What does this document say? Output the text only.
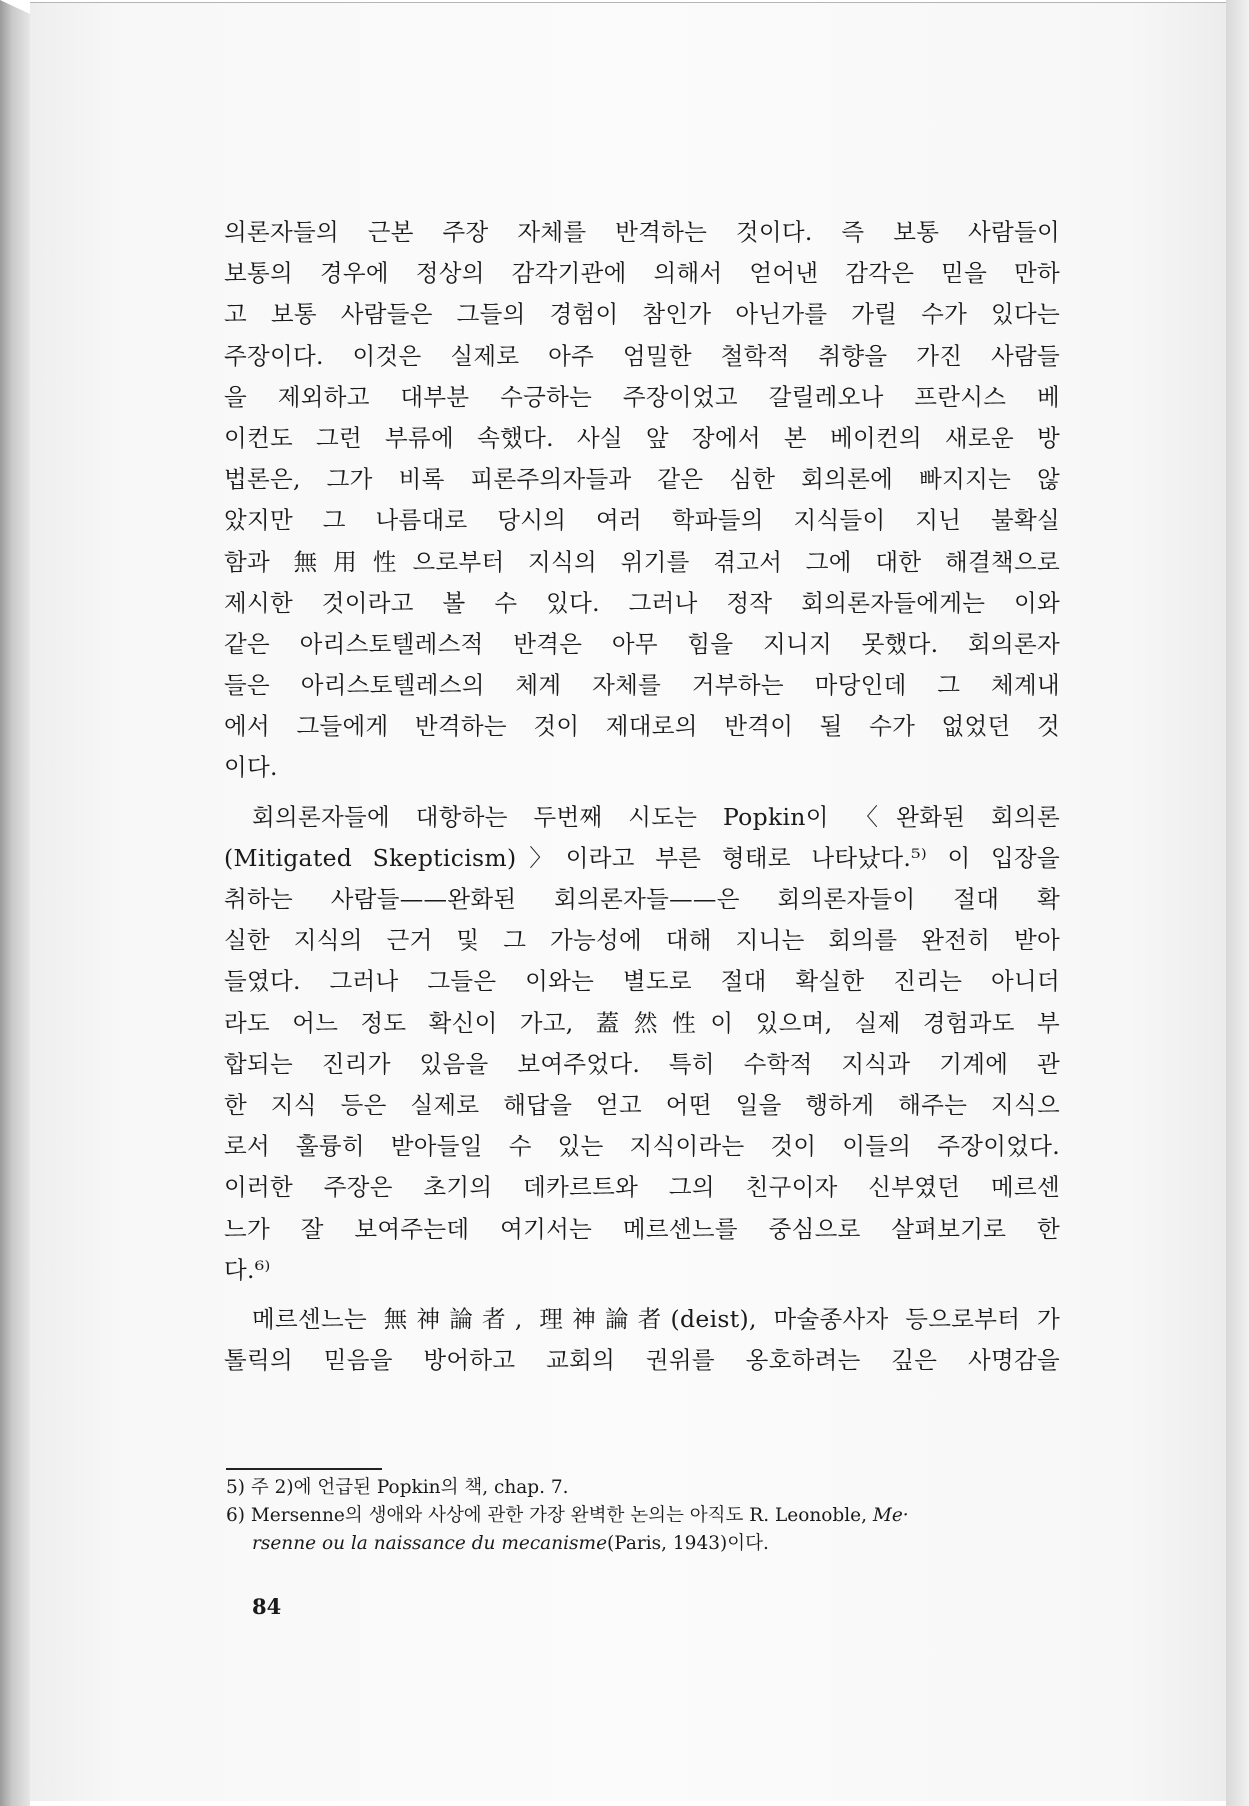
의론자들의 근본 주장 자체를 반격하는 것이다. 즉 보통 사람들이
보통의 경우에 정상의 감각기관에 의해서 얻어낸 감각은 믿을 만하
고 보통 사람들은 그들의 경험이 참인가 아닌가를 가릴 수가 있다는
주장이다. 이것은 실제로 아주 엄밀한 철학적 취향을 가진 사람들
을 제외하고 대부분 수긍하는 주장이었고 갈릴레오나 프란시스 베
이컨도 그런 부류에 속했다. 사실 앞 장에서 본 베이컨의 새로운 방
법론은, 그가 비록 피론주의자들과 같은 심한 회의론에 빠지지는 않
았지만 그 나름대로 당시의 여러 학파들의 지식들이 지닌 불확실
함과 無用性으로부터 지식의 위기를 겪고서 그에 대한 해결책으로
제시한 것이라고 볼 수 있다. 그러나 정작 회의론자들에게는 이와
같은 아리스토텔레스적 반격은 아무 힘을 지니지 못했다. 회의론자
들은 아리스토텔레스의 체계 자체를 거부하는 마당인데 그 체계내
에서 그들에게 반격하는 것이 제대로의 반격이 될 수가 없었던 것
이다.
회의론자들에 대항하는 두번째 시도는 Popkin이 〈완화된 회의론
(Mitigated Skepticism)〉이라고 부른 형태로 나타났다.⁵⁾ 이 입장을
취하는 사람들——완화된 회의론자들——은 회의론자들이 절대 확
실한 지식의 근거 및 그 가능성에 대해 지니는 회의를 완전히 받아
들였다. 그러나 그들은 이와는 별도로 절대 확실한 진리는 아니더
라도 어느 정도 확신이 가고, 蓋然性이 있으며, 실제 경험과도 부
합되는 진리가 있음을 보여주었다. 특히 수학적 지식과 기계에 관
한 지식 등은 실제로 해답을 얻고 어떤 일을 행하게 해주는 지식으
로서 훌륭히 받아들일 수 있는 지식이라는 것이 이들의 주장이었다.
이러한 주장은 초기의 데카르트와 그의 친구이자 신부였던 메르센
느가 잘 보여주는데 여기서는 메르센느를 중심으로 살펴보기로 한
다.⁶⁾
메르센느는 無神論者, 理神論者(deist), 마술종사자 등으로부터 가
톨릭의 믿음을 방어하고 교회의 권위를 옹호하려는 깊은 사명감을
5) 주 2)에 언급된 Popkin의 책, chap. 7.
6) Mersenne의 생애와 사상에 관한 가장 완벽한 논의는 아직도 R. Leonoble, Me·
rsenne ou la naissance du mecanisme(Paris, 1943)이다.
84
